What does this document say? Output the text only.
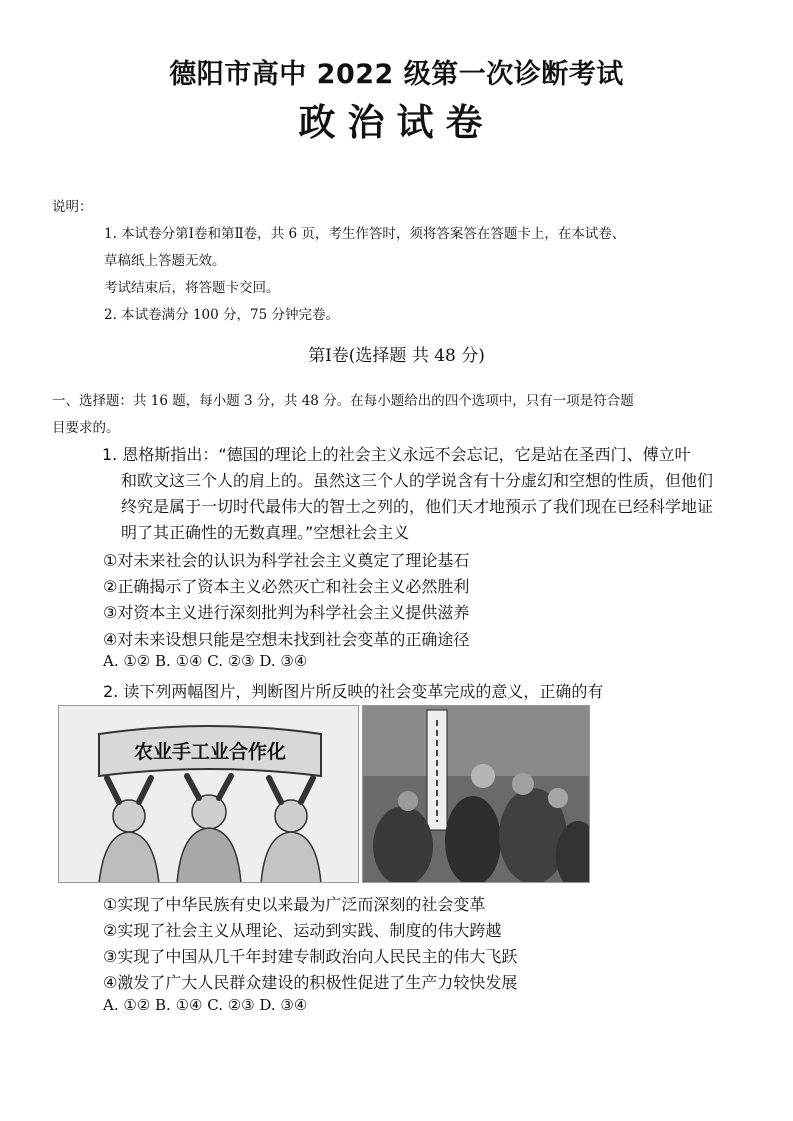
德阳市高中 2022 级第一次诊断考试
政治试卷
说明：
1. 本试卷分第Ⅰ卷和第Ⅱ卷，共 6 页，考生作答时，须将答案答在答题卡上，在本试卷、
草稿纸上答题无效。
考试结束后，将答题卡交回。
2. 本试卷满分 100 分，75 分钟完卷。
第Ⅰ卷(选择题 共 48 分)
一、选择题：共 16 题，每小题 3 分，共 48 分。在每小题给出的四个选项中，只有一项是符合题
目要求的。
1. 恩格斯指出：“德国的理论上的社会主义永远不会忘记，它是站在圣西门、傅立叶
和欧文这三个人的肩上的。虽然这三个人的学说含有十分虚幻和空想的性质，但他们
终究是属于一切时代最伟大的智士之列的，他们天才地预示了我们现在已经科学地证
明了其正确性的无数真理。”空想社会主义
①对未来社会的认识为科学社会主义奠定了理论基石
②正确揭示了资本主义必然灭亡和社会主义必然胜利
③对资本主义进行深刻批判为科学社会主义提供滋养
④对未来设想只能是空想未找到社会变革的正确途径
A. ①② B. ①④ C. ②③ D. ③④
2. 读下列两幅图片，判断图片所反映的社会变革完成的意义，正确的有
农业手工业合作化
①实现了中华民族有史以来最为广泛而深刻的社会变革
②实现了社会主义从理论、运动到实践、制度的伟大跨越
③实现了中国从几千年封建专制政治向人民民主的伟大飞跃
④激发了广大人民群众建设的积极性促进了生产力较快发展
A. ①② B. ①④ C. ②③ D. ③④
